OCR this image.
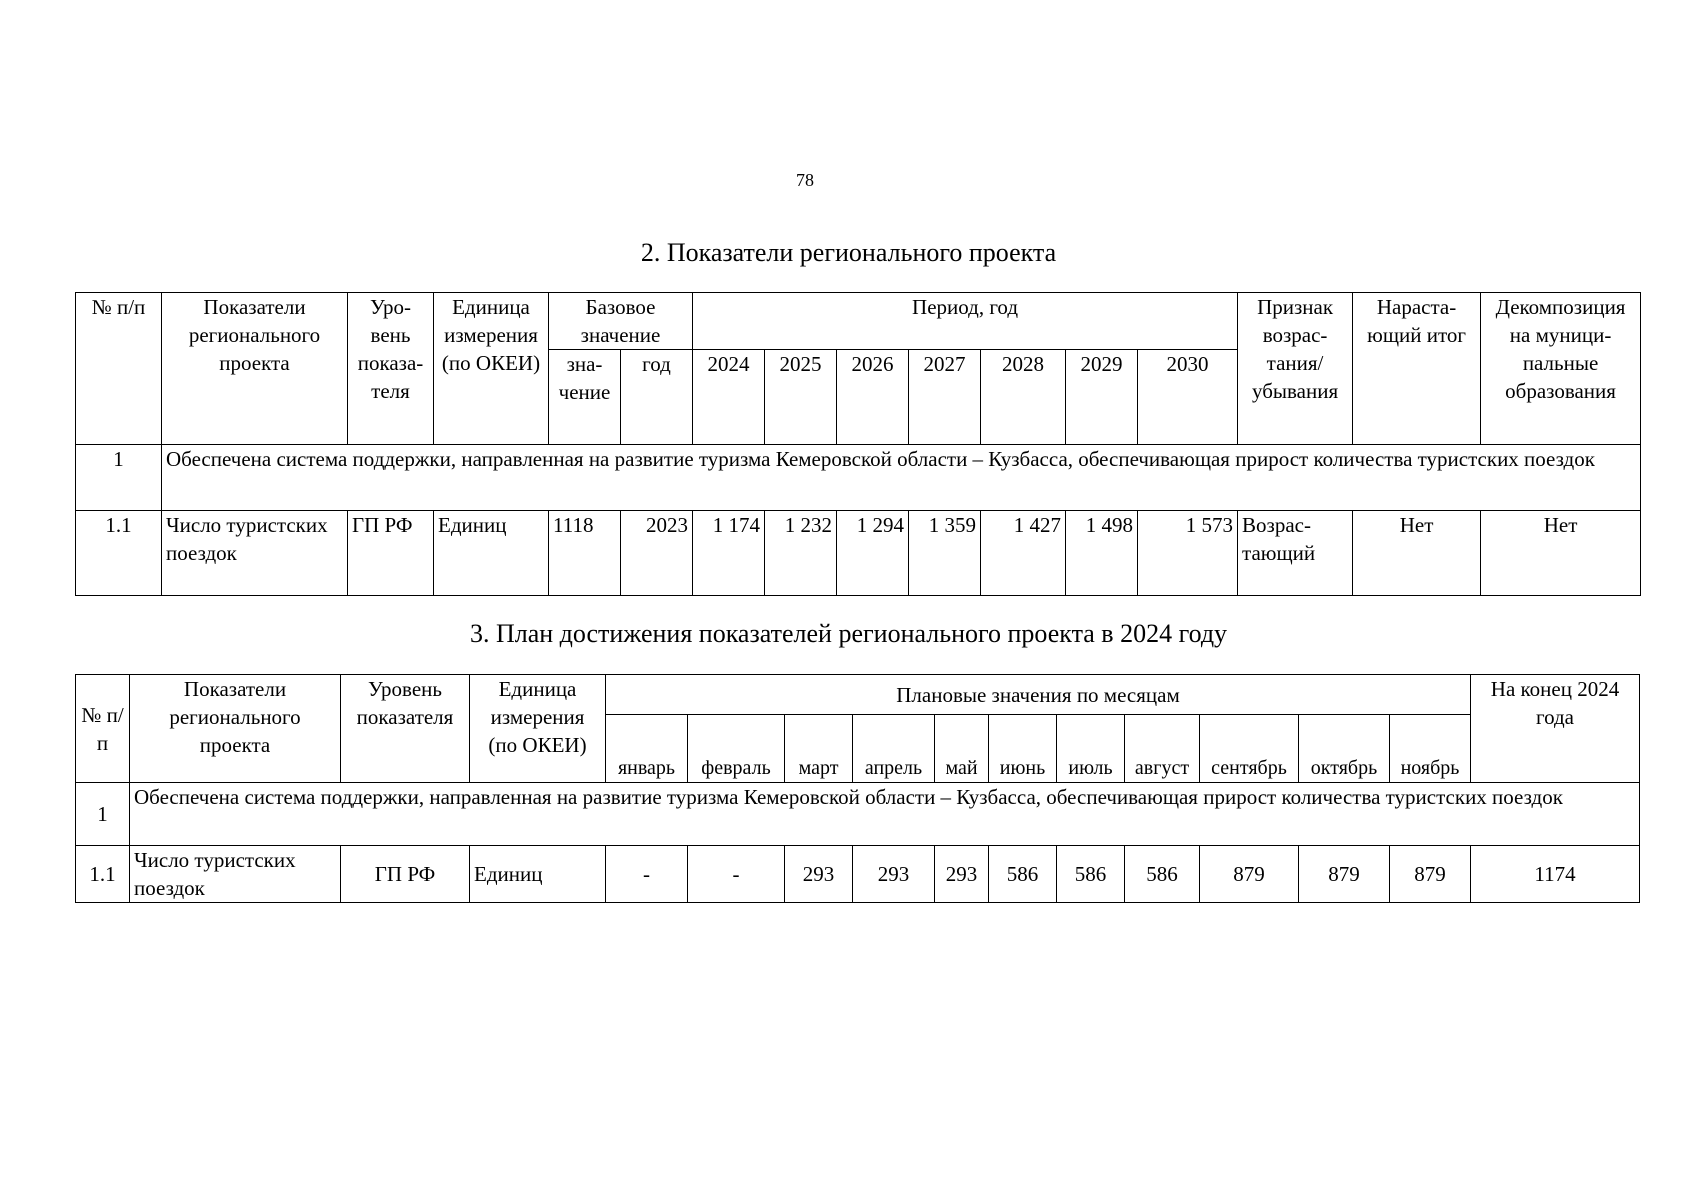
78
2. Показатели регионального проекта
№ п/п	Показатели регионального проекта	Уро- вень показа- теля	Единица измерения (по ОКЕИ)	Базовое значение		Период, год							Признак возрас- тания/ убывания	Нараста- ющий итог	Декомпозиция на муници- пальные образования
				зна- чение	год	2024	2025	2026	2027	2028	2029	2030			
1	Обеспечена система поддержки, направленная на развитие туризма Кемеровской области – Кузбасса, обеспечивающая прирост количества туристских поездок														
1.1	Число туристских поездок	ГП РФ	Единиц	1118	2023	1 174	1 232	1 294	1 359	1 427	1 498	1 573	Возрас- тающий	Нет	Нет
3. План достижения показателей регионального проекта в 2024 году
№ п/п	Показатели регионального проекта	Уровень показателя	Единица измерения (по ОКЕИ)	Плановые значения по месяцам											На конец 2024 года
				январь	февраль	март	апрель	май	июнь	июль	август	сентябрь	октябрь	ноябрь	
1	Обеспечена система поддержки, направленная на развитие туризма Кемеровской области – Кузбасса, обеспечивающая прирост количества туристских поездок														
1.1	Число туристских поездок	ГП РФ	Единиц	-	-	293	293	293	586	586	586	879	879	879	1174
